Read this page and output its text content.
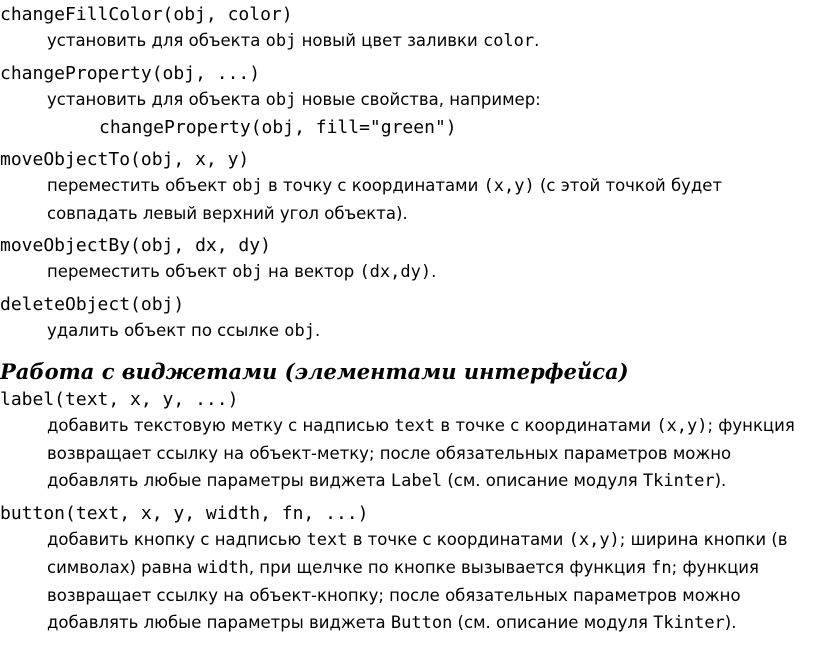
changeFillColor(obj, color)
установить для объекта obj новый цвет заливки color.
changeProperty(obj, ...)
установить для объекта obj новые свойства, например:
changeProperty(obj, fill="green")
moveObjectTo(obj, x, y)
переместить объект obj в точку с координатами (x,y) (с этой точкой будет совпадать левый верхний угол объекта).
moveObjectBy(obj, dx, dy)
переместить объект obj на вектор (dx,dy).
deleteObject(obj)
удалить объект по ссылке obj.
Работа с виджетами (элементами интерфейса)
label(text, x, y, ...)
добавить текстовую метку с надписью text в точке с координатами (x,y); функция возвращает ссылку на объект-метку; после обязательных параметров можно добавлять любые параметры виджета Label (см. описание модуля Tkinter).
button(text, x, y, width, fn, ...)
добавить кнопку с надписью text в точке с координатами (x,y); ширина кнопки (в символах) равна width, при щелчке по кнопке вызывается функция fn; функция возвращает ссылку на объект-кнопку; после обязательных параметров можно добавлять любые параметры виджета Button (см. описание модуля Tkinter).
